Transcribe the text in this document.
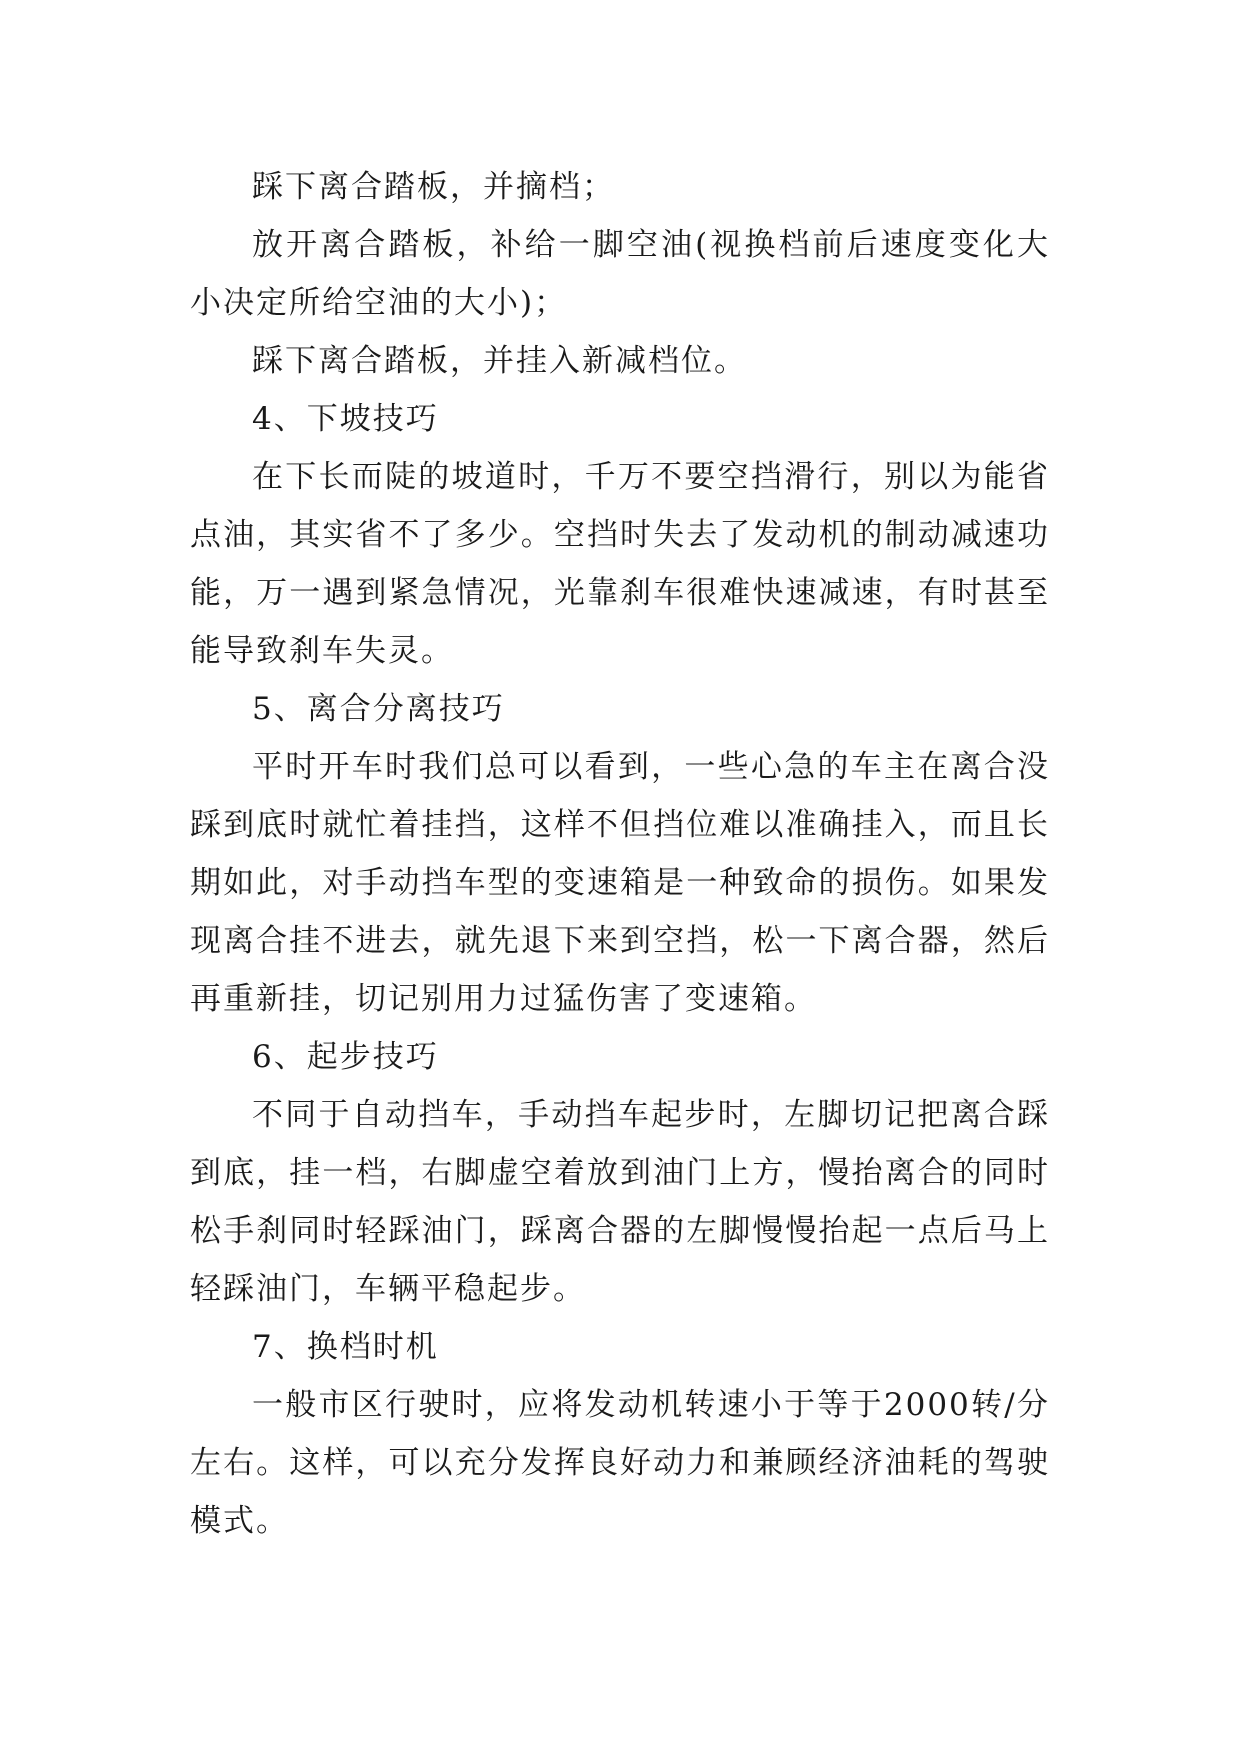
踩下离合踏板，并摘档；

放开离合踏板，补给一脚空油(视换档前后速度变化大小决定所给空油的大小)；

踩下离合踏板，并挂入新减档位。

4、下坡技巧

在下长而陡的坡道时，千万不要空挡滑行，别以为能省点油，其实省不了多少。空挡时失去了发动机的制动减速功能，万一遇到紧急情况，光靠刹车很难快速减速，有时甚至能导致刹车失灵。

5、离合分离技巧

平时开车时我们总可以看到，一些心急的车主在离合没踩到底时就忙着挂挡，这样不但挡位难以准确挂入，而且长期如此，对手动挡车型的变速箱是一种致命的损伤。如果发现离合挂不进去，就先退下来到空挡，松一下离合器，然后再重新挂，切记别用力过猛伤害了变速箱。

6、起步技巧

不同于自动挡车，手动挡车起步时，左脚切记把离合踩到底，挂一档，右脚虚空着放到油门上方，慢抬离合的同时松手刹同时轻踩油门，踩离合器的左脚慢慢抬起一点后马上轻踩油门，车辆平稳起步。

7、换档时机

一般市区行驶时，应将发动机转速小于等于2000转/分左右。这样，可以充分发挥良好动力和兼顾经济油耗的驾驶模式。
